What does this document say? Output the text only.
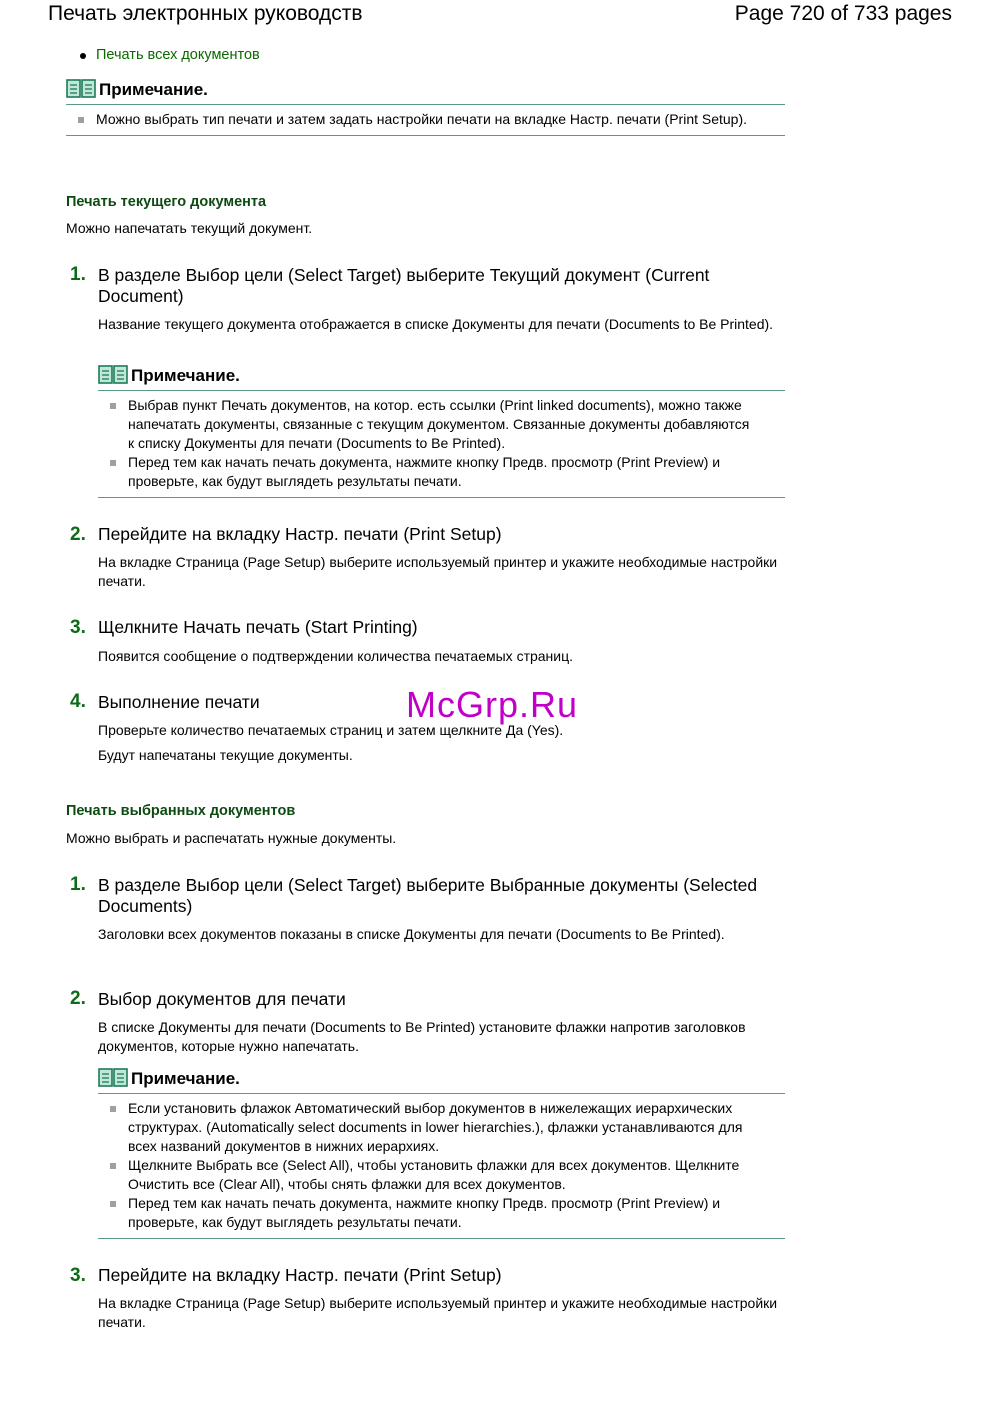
Печать электронных руководств	Page 720 of 733 pages
Печать всех документов
Примечание.
Можно выбрать тип печати и затем задать настройки печати на вкладке Настр. печати (Print Setup).
Печать текущего документа
Можно напечатать текущий документ.
1. В разделе Выбор цели (Select Target) выберите Текущий документ (Current Document)
Название текущего документа отображается в списке Документы для печати (Documents to Be Printed).
Примечание.
Выбрав пункт Печать документов, на котор. есть ссылки (Print linked documents), можно также напечатать документы, связанные с текущим документом. Связанные документы добавляются к списку Документы для печати (Documents to Be Printed).
Перед тем как начать печать документа, нажмите кнопку Предв. просмотр (Print Preview) и проверьте, как будут выглядеть результаты печати.
2. Перейдите на вкладку Настр. печати (Print Setup)
На вкладке Страница (Page Setup) выберите используемый принтер и укажите необходимые настройки печати.
3. Щелкните Начать печать (Start Printing)
Появится сообщение о подтверждении количества печатаемых страниц.
4. Выполнение печати
Проверьте количество печатаемых страниц и затем щелкните Да (Yes).
Будут напечатаны текущие документы.
Печать выбранных документов
Можно выбрать и распечатать нужные документы.
1. В разделе Выбор цели (Select Target) выберите Выбранные документы (Selected Documents)
Заголовки всех документов показаны в списке Документы для печати (Documents to Be Printed).
2. Выбор документов для печати
В списке Документы для печати (Documents to Be Printed) установите флажки напротив заголовков документов, которые нужно напечатать.
Примечание.
Если установить флажок Автоматический выбор документов в нижележащих иерархических структурах. (Automatically select documents in lower hierarchies.), флажки устанавливаются для всех названий документов в нижних иерархиях.
Щелкните Выбрать все (Select All), чтобы установить флажки для всех документов. Щелкните Очистить все (Clear All), чтобы снять флажки для всех документов.
Перед тем как начать печать документа, нажмите кнопку Предв. просмотр (Print Preview) и проверьте, как будут выглядеть результаты печати.
3. Перейдите на вкладку Настр. печати (Print Setup)
На вкладке Страница (Page Setup) выберите используемый принтер и укажите необходимые настройки печати.
McGrp.Ru
